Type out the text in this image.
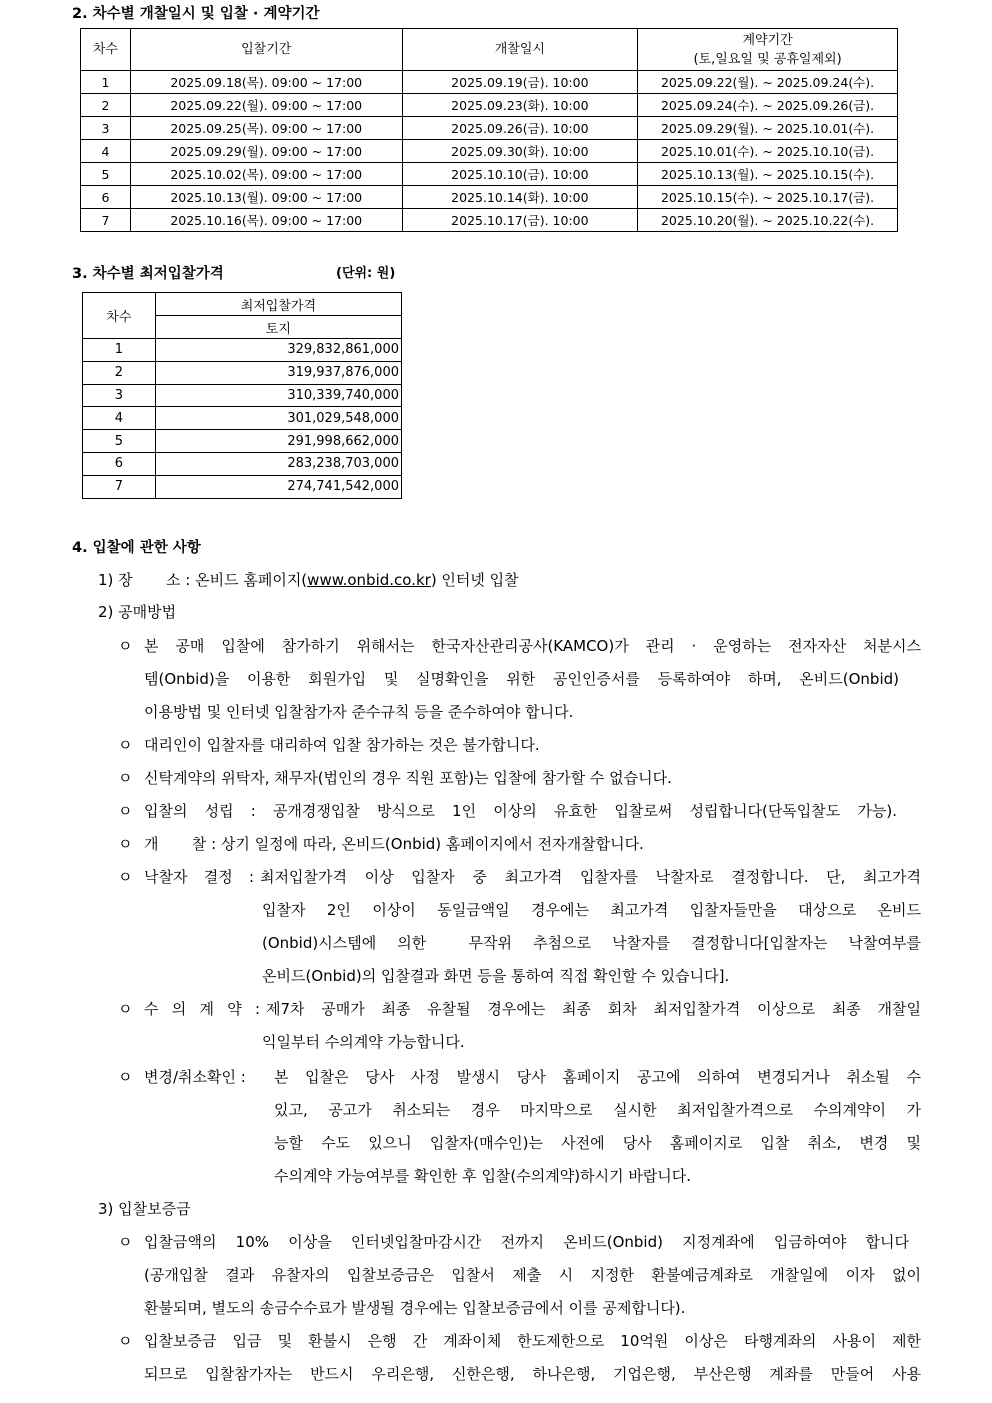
2. 차수별 개찰일시 및 입찰 · 계약기간
차수	입찰기간	개찰일시	계약기간
(토,일요일 및 공휴일제외)

1	2025.09.18(목). 09:00 ~ 17:00	2025.09.19(금). 10:00	2025.09.22(월). ~ 2025.09.24(수).
2	2025.09.22(월). 09:00 ~ 17:00	2025.09.23(화). 10:00	2025.09.24(수). ~ 2025.09.26(금).
3	2025.09.25(목). 09:00 ~ 17:00	2025.09.26(금). 10:00	2025.09.29(월). ~ 2025.10.01(수).
4	2025.09.29(월). 09:00 ~ 17:00	2025.09.30(화). 10:00	2025.10.01(수). ~ 2025.10.10(금).
5	2025.10.02(목). 09:00 ~ 17:00	2025.10.10(금). 10:00	2025.10.13(월). ~ 2025.10.15(수).
6	2025.10.13(월). 09:00 ~ 17:00	2025.10.14(화). 10:00	2025.10.15(수). ~ 2025.10.17(금).
7	2025.10.16(목). 09:00 ~ 17:00	2025.10.17(금). 10:00	2025.10.20(월). ~ 2025.10.22(수).
3. 차수별 최저입찰가격	(단위: 원)
차수	최저입찰가격
	토지
1	329,832,861,000
2	319,937,876,000
3	310,339,740,000
4	301,029,548,000
5	291,998,662,000
6	283,238,703,000
7	274,741,542,000
4. 입찰에 관한 사항
1) 장       소 : 온비드 홈페이지(www.onbid.co.kr) 인터넷 입찰
2) 공매방법
ㅇ 본 공매 입찰에 참가하기 위해서는 한국자산관리공사(KAMCO)가 관리 · 운영하는 전자자산 처분시스
템(Onbid)을 이용한 회원가입 및 실명확인을 위한 공인인증서를 등록하여야 하며, 온비드(Onbid)
이용방법 및 인터넷 입찰참가자 준수규칙 등을 준수하여야 합니다.
ㅇ 대리인이 입찰자를 대리하여 입찰 참가하는 것은 불가합니다.
ㅇ 신탁계약의 위탁자, 채무자(법인의 경우 직원 포함)는 입찰에 참가할 수 없습니다.
ㅇ 입찰의 성립 : 공개경쟁입찰 방식으로 1인 이상의 유효한 입찰로써 성립합니다(단독입찰도 가능).
ㅇ 개       찰 : 상기 일정에 따라, 온비드(Onbid) 홈페이지에서 전자개찰합니다.
ㅇ 낙찰자 결정 : 최저입찰가격 이상 입찰자 중 최고가격 입찰자를 낙찰자로 결정합니다. 단, 최고가격
입찰자 2인 이상이 동일금액일 경우에는 최고가격 입찰자들만을 대상으로 온비드
(Onbid)시스템에 의한  무작위 추첨으로 낙찰자를 결정합니다[입찰자는 낙찰여부를
온비드(Onbid)의 입찰결과 화면 등을 통하여 직접 확인할 수 있습니다].
ㅇ 수 의 계 약 : 제7차 공매가 최종 유찰될 경우에는 최종 회차 최저입찰가격 이상으로 최종 개찰일
익일부터 수의계약 가능합니다.
ㅇ 변경/취소확인 : 본 입찰은 당사 사정 발생시 당사 홈페이지 공고에 의하여 변경되거나 취소될 수
있고, 공고가 취소되는 경우 마지막으로 실시한 최저입찰가격으로 수의계약이 가
능할 수도 있으니 입찰자(매수인)는 사전에 당사 홈페이지로 입찰 취소, 변경 및
수의계약 가능여부를 확인한 후 입찰(수의계약)하시기 바랍니다.
3) 입찰보증금
ㅇ 입찰금액의 10% 이상을 인터넷입찰마감시간 전까지 온비드(Onbid) 지정계좌에 입금하여야 합니다
(공개입찰 결과 유찰자의 입찰보증금은 입찰서 제출 시 지정한 환불예금계좌로 개찰일에 이자 없이
환불되며, 별도의 송금수수료가 발생될 경우에는 입찰보증금에서 이를 공제합니다).
ㅇ 입찰보증금 입금 및 환불시 은행 간 계좌이체 한도제한으로 10억원 이상은 타행계좌의 사용이 제한
되므로 입찰참가자는 반드시 우리은행, 신한은행, 하나은행, 기업은행, 부산은행 계좌를 만들어 사용
